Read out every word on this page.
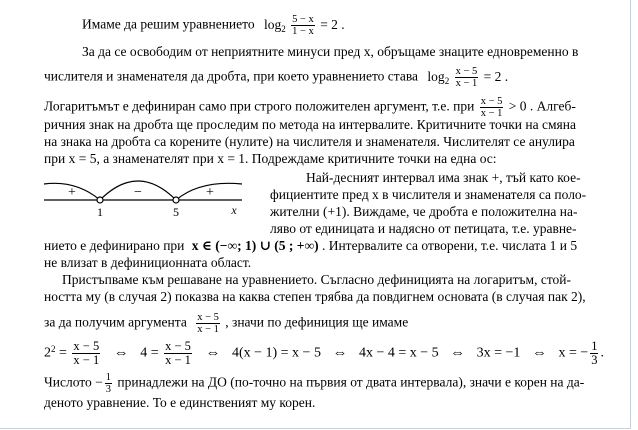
Имаме да решим уравнението $\log_2 \frac{5 - x}{1 - x} = 2$ .
За да се освободим от неприятните минуси пред x, обръщаме знаците едновременно в
числителя и знаменателя да дробта, при което уравнението става $\log_2 \frac{x - 5}{x - 1} = 2$ .
Логаритъмът е дефиниран само при строго положителен аргумент, т.е. при $\frac{x - 5}{x - 1} > 0$ . Алгеб-
ричния знак на дробта ще проследим по метода на интервалите. Критичните точки на смяна
на знака на дробта са корените (нулите) на числителя и знаменателя. Числителят се анулира
при x = 5, а знаменателят при x = 1. Подреждаме критичните точки на една ос:
+	−	+
1	5	x
Най-десният интервал има знак +, тъй като кое-
фициентите пред x в числителя и знаменателя са поло-
жителни (+1). Виждаме, че дробта е положителна на-
ляво от единицата и надясно от петицата, т.е. уравне-
нието е дефинирано при x ∈ (−∞; 1) ∪ (5 ; +∞) . Интервалите са отворени, т.е. числата 1 и 5
не влизат в дефиниционната област.
Пристъпваме към решаване на уравнението. Съгласно дефиницията на логаритъм, стой-
ността му (в случая 2) показва на каква степен трябва да повдигнем основата (в случая пак 2),
за да получим аргумента $\frac{x - 5}{x - 1}$ , значи по дефиниция ще имаме
$2^2 = \frac{x - 5}{x - 1}$ ⇔ $4 = \frac{x - 5}{x - 1}$ ⇔ 4(x − 1) = x − 5 ⇔ 4x − 4 = x − 5 ⇔ 3x = −1 ⇔ x = − $\frac{1}{3}$ .
Числото − $\frac{1}{3}$ принадлежи на ДО (по-точно на първия от двата интервала), значи е корен на да-
деното уравнение. То е единственият му корен.
